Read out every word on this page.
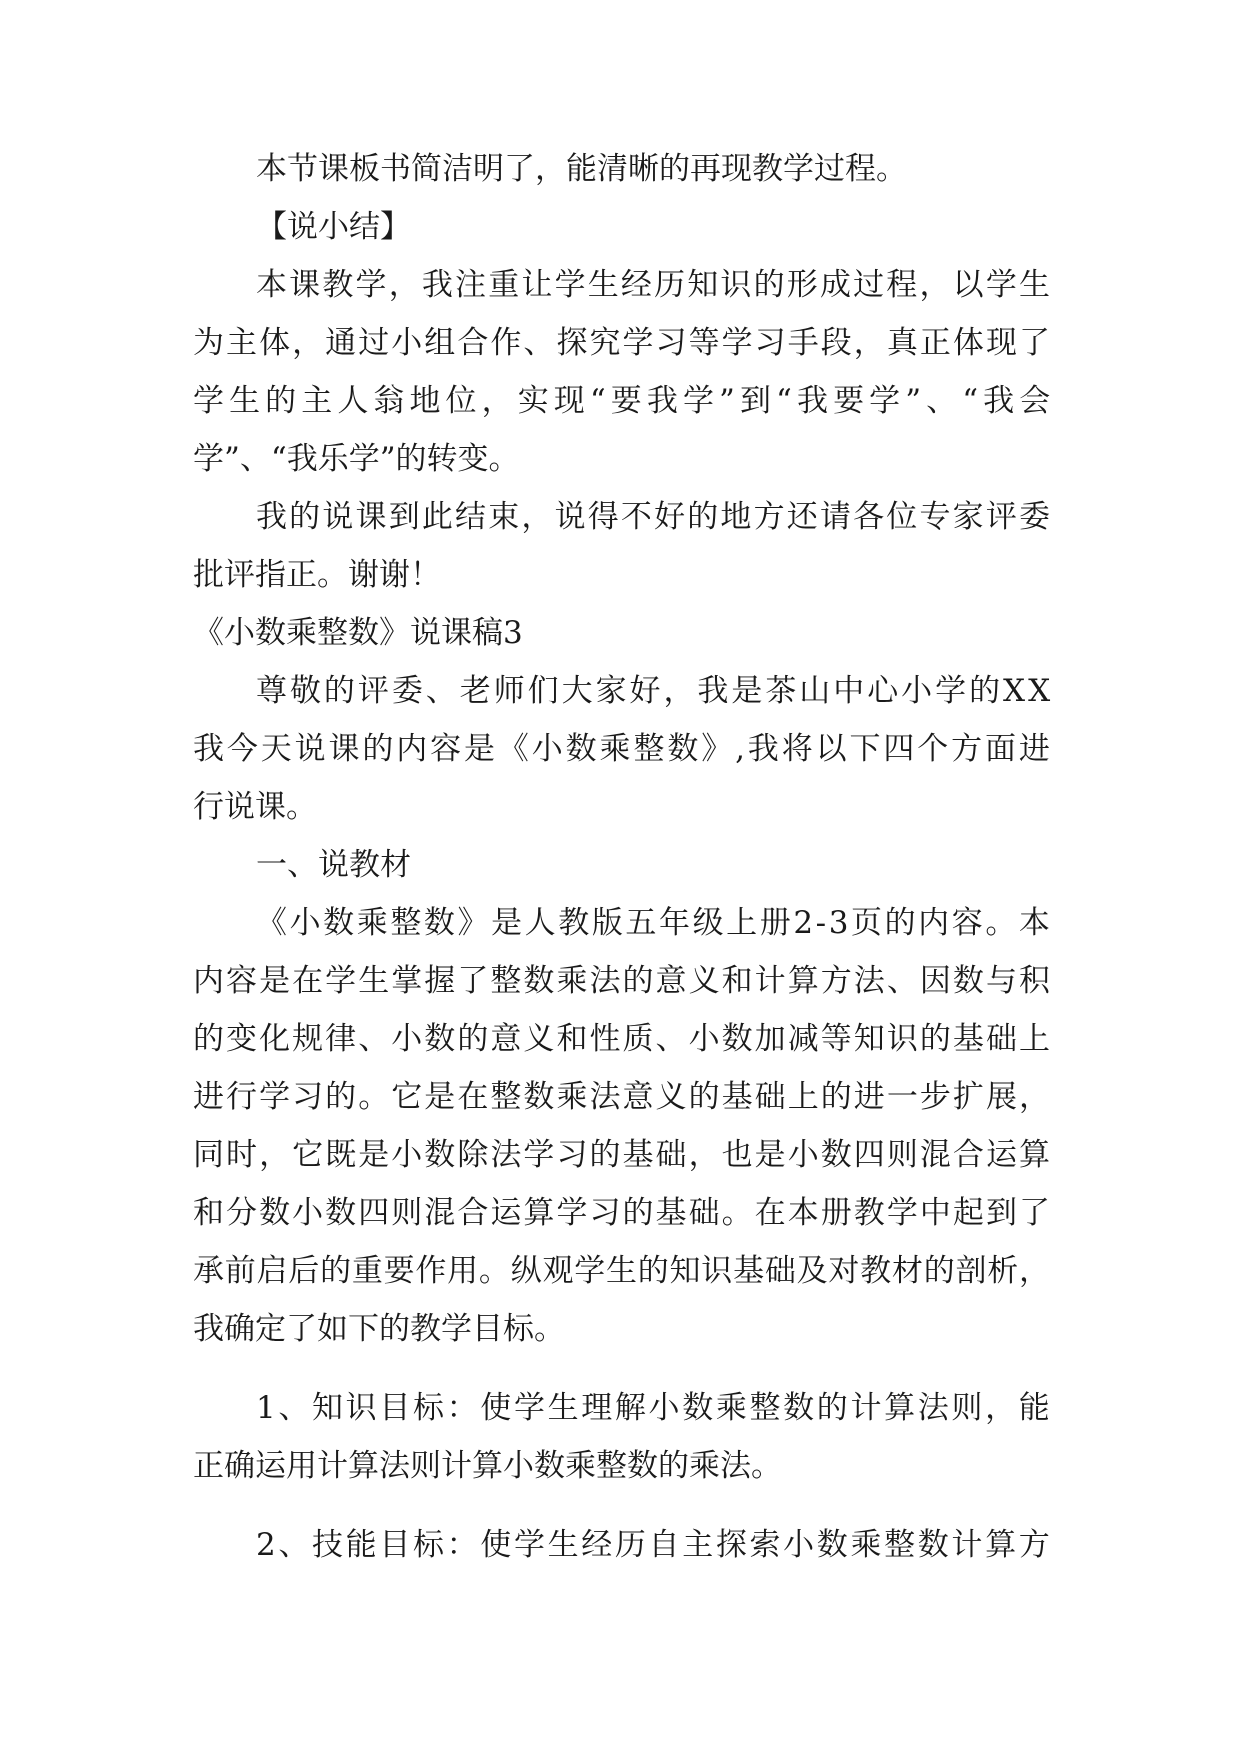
本节课板书简洁明了，能清晰的再现教学过程。

【说小结】

本课教学，我注重让学生经历知识的形成过程，以学生

为主体，通过小组合作、探究学习等学习手段，真正体现了

学生的主人翁地位，实现“要我学”到“我要学”、“我会

学”、“我乐学”的转变。

我的说课到此结束，说得不好的地方还请各位专家评委

批评指正。谢谢！

《小数乘整数》说课稿3

尊敬的评委、老师们大家好，我是茶山中心小学的XX

我今天说课的内容是《小数乘整数》,我将以下四个方面进

行说课。

一、说教材

《小数乘整数》是人教版五年级上册2-3页的内容。本

内容是在学生掌握了整数乘法的意义和计算方法、因数与积

的变化规律、小数的意义和性质、小数加减等知识的基础上

进行学习的。它是在整数乘法意义的基础上的进一步扩展，

同时，它既是小数除法学习的基础，也是小数四则混合运算

和分数小数四则混合运算学习的基础。在本册教学中起到了

承前启后的重要作用。纵观学生的知识基础及对教材的剖析，

我确定了如下的教学目标。

1、知识目标：使学生理解小数乘整数的计算法则，能

正确运用计算法则计算小数乘整数的乘法。

2、技能目标：使学生经历自主探索小数乘整数计算方
